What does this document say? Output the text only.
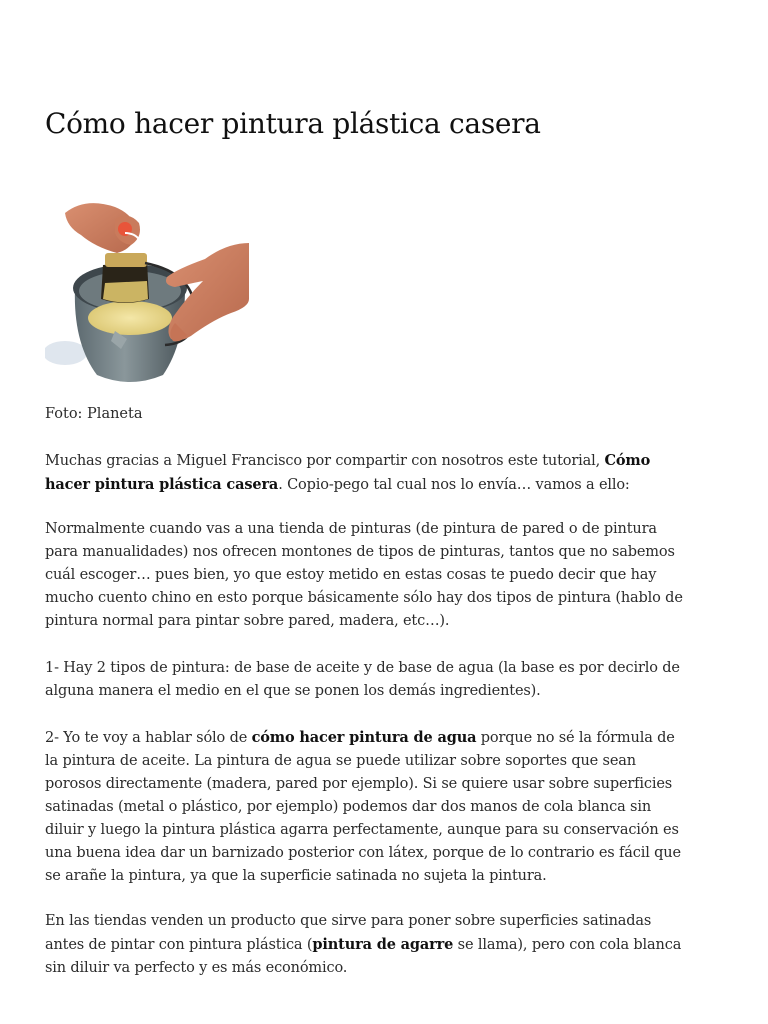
Cómo hacer pintura plástica casera

Foto: Planeta

Muchas gracias a Miguel Francisco por compartir con nosotros este tutorial, Cómo hacer pintura plástica casera. Copio-pego tal cual nos lo envía… vamos a ello:

Normalmente cuando vas a una tienda de pinturas (de pintura de pared o de pintura para manualidades) nos ofrecen montones de tipos de pinturas, tantos que no sabemos cuál escoger… pues bien, yo que estoy metido en estas cosas te puedo decir que hay mucho cuento chino en esto porque básicamente sólo hay dos tipos de pintura (hablo de pintura normal para pintar sobre pared, madera, etc…).

1- Hay 2 tipos de pintura: de base de aceite y de base de agua (la base es por decirlo de alguna manera el medio en el que se ponen los demás ingredientes).

2- Yo te voy a hablar sólo de cómo hacer pintura de agua porque no sé la fórmula de la pintura de aceite. La pintura de agua se puede utilizar sobre soportes que sean porosos directamente (madera, pared por ejemplo). Si se quiere usar sobre superficies satinadas (metal o plástico, por ejemplo) podemos dar dos manos de cola blanca sin diluir y luego la pintura plástica agarra perfectamente, aunque para su conservación es una buena idea dar un barnizado posterior con látex, porque de lo contrario es fácil que se arañe la pintura, ya que la superficie satinada no sujeta la pintura.

En las tiendas venden un producto que sirve para poner sobre superficies satinadas antes de pintar con pintura plástica (pintura de agarre se llama), pero con cola blanca sin diluir va perfecto y es más económico.
